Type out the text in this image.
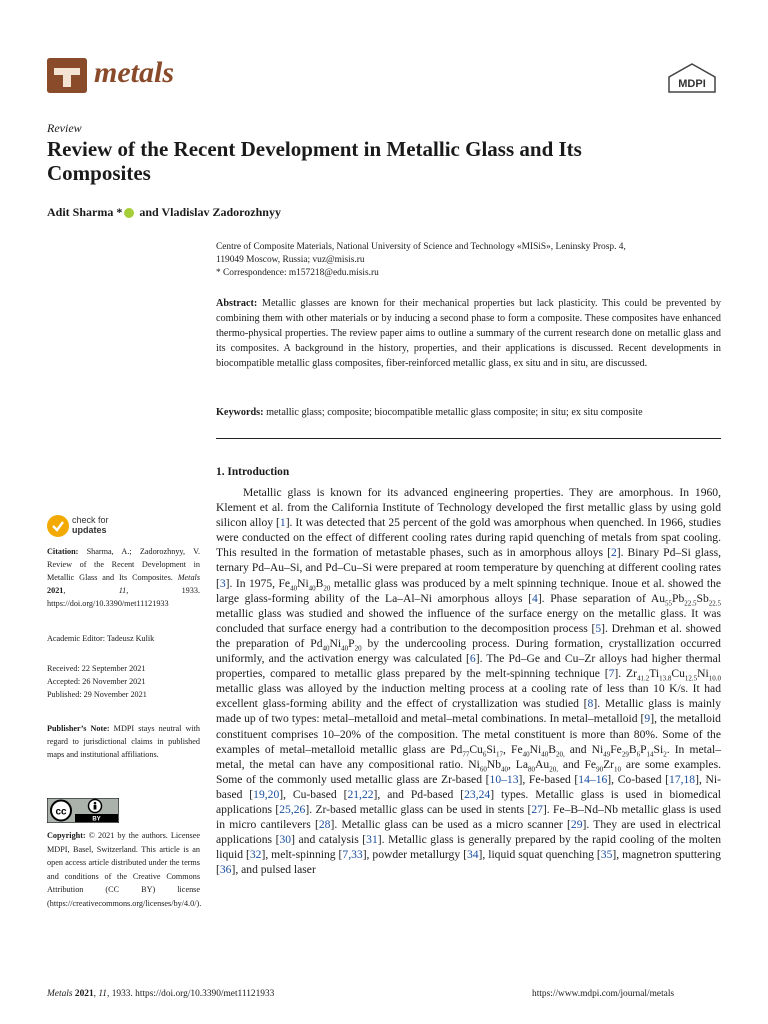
metals	MDPI
Review
Review of the Recent Development in Metallic Glass and Its Composites
Adit Sharma * and Vladislav Zadorozhnyy
Centre of Composite Materials, National University of Science and Technology «MISiS», Leninsky Prosp. 4,
119049 Moscow, Russia; vuz@misis.ru
* Correspondence: m157218@edu.misis.ru
Abstract: Metallic glasses are known for their mechanical properties but lack plasticity. This could be prevented by combining them with other materials or by inducing a second phase to form a composite. These composites have enhanced thermo-physical properties. The review paper aims to outline a summary of the current research done on metallic glass and its composites. A background in the history, properties, and their applications is discussed. Recent developments in biocompatible metallic glass composites, fiber-reinforced metallic glass, ex situ and in situ, are discussed.
Keywords: metallic glass; composite; biocompatible metallic glass composite; in situ; ex situ composite
1. Introduction

Metallic glass is known for its advanced engineering properties. They are amorphous. In 1960, Klement et al. from the California Institute of Technology developed the first metallic glass by using gold silicon alloy [1]. It was detected that 25 percent of the gold was amorphous when quenched. In 1966, studies were conducted on the effect of different cooling rates during rapid quenching of metals from spat cooling. This resulted in the formation of metastable phases, such as in amorphous alloys [2]. Binary Pd–Si glass, ternary Pd–Au–Si, and Pd–Cu–Si were prepared at room temperature by quenching at different cooling rates [3]. In 1975, $Fe_{40}Ni_{40}B_{20}$ metallic glass was produced by a melt spinning technique. Inoue et al. showed the large glass-forming ability of the La–Al–Ni amorphous alloys [4]. Phase separation of $Au_{55}Pb_{22.5}Sb_{22.5}$ metallic glass was studied and showed the influence of the surface energy on the metallic glass. It was concluded that surface energy had a contribution to the decomposition process [5]. Drehman et al. showed the preparation of $Pd_{40}Ni_{40}P_{20}$ by the undercooling process. During formation, crystallization occurred uniformly, and the activation energy was calculated [6]. The Pd–Ge and Cu–Zr alloys had higher thermal properties, compared to metallic glass prepared by the melt-spinning technique [7]. $Zr_{41.2}Ti_{13.8}Cu_{12.5}Ni_{10.0}$ metallic glass was alloyed by the induction melting process at a cooling rate of less than 10 K/s. It had excellent glass-forming ability and the effect of crystallization was studied [8]. Metallic glass is mainly made up of two types: metal–metalloid and metal–metal combinations. In metal–metalloid [9], the metalloid constituent comprises 10–20% of the composition. The metal constituent is more than 80%. Some of the examples of metal–metalloid metallic glass are $Pd_{77}Cu_6Si_{17}$, $Fe_{40}Ni_{40}B_{20,}$ and $Ni_{49}Fe_{29}B_6P_{14}Si_2$. In metal–metal, the metal can have any compositional ratio. $Ni_{60}Nb_{40}$, $La_{80}Au_{20,}$ and $Fe_{90}Zr_{10}$ are some examples. Some of the commonly used metallic glass are Zr-based [10–13], Fe-based [14–16], Co-based [17,18], Ni-based [19,20], Cu-based [21,22], and Pd-based [23,24] types. Metallic glass is used in biomedical applications [25,26]. Zr-based metallic glass can be used in stents [27]. Fe–B–Nd–Nb metallic glass is used in micro cantilevers [28]. Metallic glass can be used as a micro scanner [29]. They are used in electrical applications [30] and catalysis [31]. Metallic glass is generally prepared by the rapid cooling of the molten liquid [32], melt-spinning [7,33], powder metallurgy [34], liquid squat quenching [35], magnetron sputtering [36], and pulsed laser

check for
updates
Citation: Sharma, A.; Zadorozhnyy, V. Review of the Recent Development in Metallic Glass and Its Composites. Metals 2021, 11, 1933. https://doi.org/10.3390/met11121933
Academic Editor: Tadeusz Kulik
Received: 22 September 2021
Accepted: 26 November 2021
Published: 29 November 2021
Publisher’s Note: MDPI stays neutral with regard to jurisdictional claims in published maps and institutional affiliations.
cc
BY
Copyright: © 2021 by the authors. Licensee MDPI, Basel, Switzerland. This article is an open access article distributed under the terms and conditions of the Creative Commons Attribution (CC BY) license (https://creativecommons.org/licenses/by/4.0/).
Metals 2021, 11, 1933. https://doi.org/10.3390/met11121933	https://www.mdpi.com/journal/metals
